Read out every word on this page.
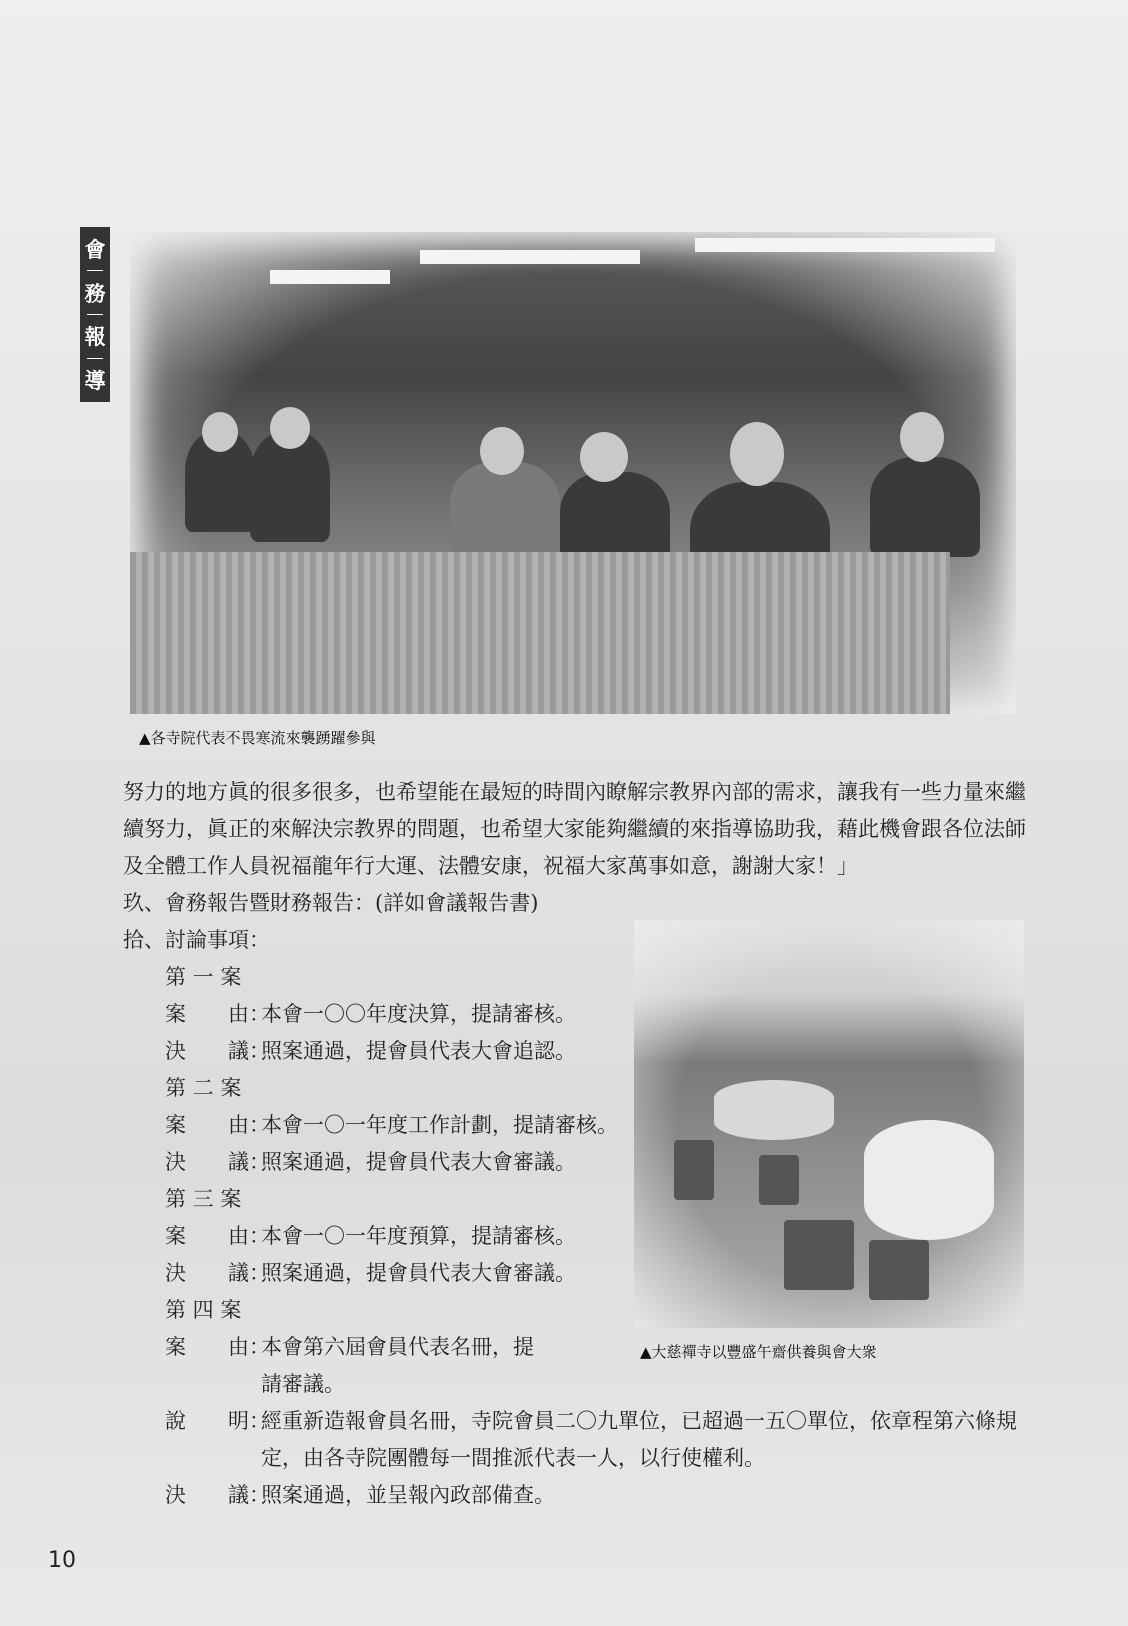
會
務
報
導
▲各寺院代表不畏寒流來襲踴躍參與
努力的地方眞的很多很多，也希望能在最短的時間內瞭解宗教界內部的需求，讓我有一些力量來繼
續努力，眞正的來解決宗教界的問題，也希望大家能夠繼續的來指導協助我，藉此機會跟各位法師
及全體工作人員祝福龍年行大運、法體安康，祝福大家萬事如意，謝謝大家！」
玖、會務報告暨財務報告：(詳如會議報告書)
拾、討論事項：
第 一 案
案　　由：本會一〇〇年度決算，提請審核。
決　　議：照案通過，提會員代表大會追認。
第 二 案
案　　由：本會一〇一年度工作計劃，提請審核。
決　　議：照案通過，提會員代表大會審議。
第 三 案
案　　由：本會一〇一年度預算，提請審核。
決　　議：照案通過，提會員代表大會審議。
第 四 案
案　　由：本會第六屆會員代表名冊，提
請審議。
說　　明：經重新造報會員名冊，寺院會員二〇九單位，已超過一五〇單位，依章程第六條規
定，由各寺院團體每一間推派代表一人，以行使權利。
決　　議：照案通過，並呈報內政部備查。
▲大慈禪寺以豐盛午齋供養與會大衆
10
